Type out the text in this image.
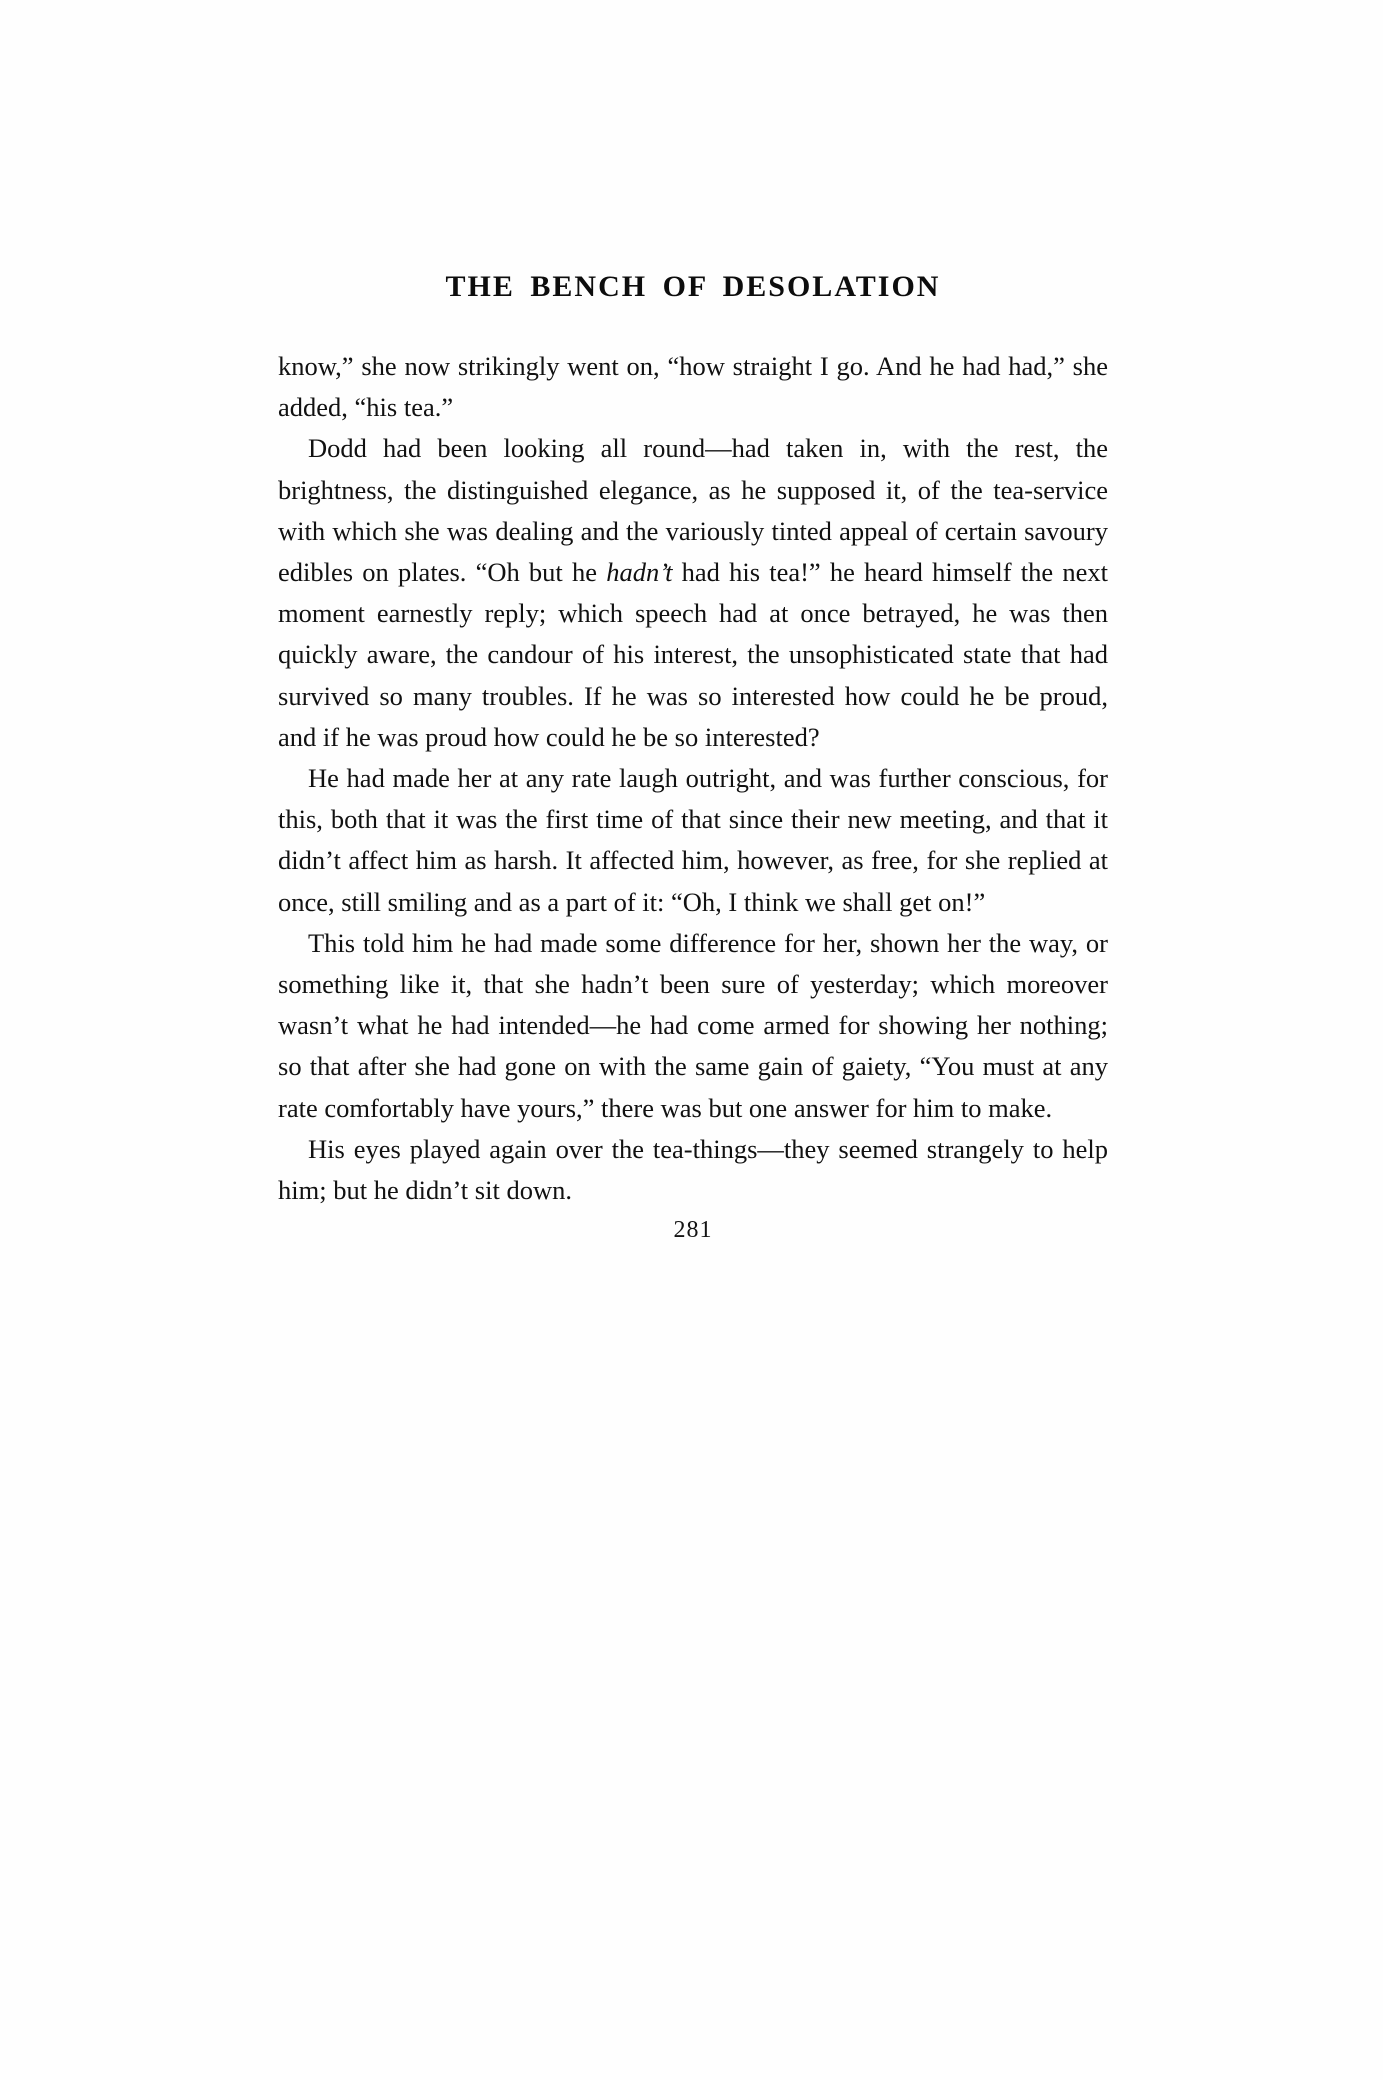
THE BENCH OF DESOLATION

know,” she now strikingly went on, “how straight I go. And he had had,” she added, “his tea.”

Dodd had been looking all round—had taken in, with the rest, the brightness, the distinguished elegance, as he supposed it, of the tea-service with which she was dealing and the variously tinted appeal of certain savoury edibles on plates. “Oh but he hadn’t had his tea!” he heard himself the next moment earnestly reply; which speech had at once betrayed, he was then quickly aware, the candour of his interest, the unsophisticated state that had survived so many troubles. If he was so interested how could he be proud, and if he was proud how could he be so interested?

He had made her at any rate laugh outright, and was further conscious, for this, both that it was the first time of that since their new meeting, and that it didn’t affect him as harsh. It affected him, however, as free, for she replied at once, still smiling and as a part of it: “Oh, I think we shall get on!”

This told him he had made some difference for her, shown her the way, or something like it, that she hadn’t been sure of yesterday; which moreover wasn’t what he had intended—he had come armed for showing her nothing; so that after she had gone on with the same gain of gaiety, “You must at any rate comfortably have yours,” there was but one answer for him to make.

His eyes played again over the tea-things—they seemed strangely to help him; but he didn’t sit down.

281
